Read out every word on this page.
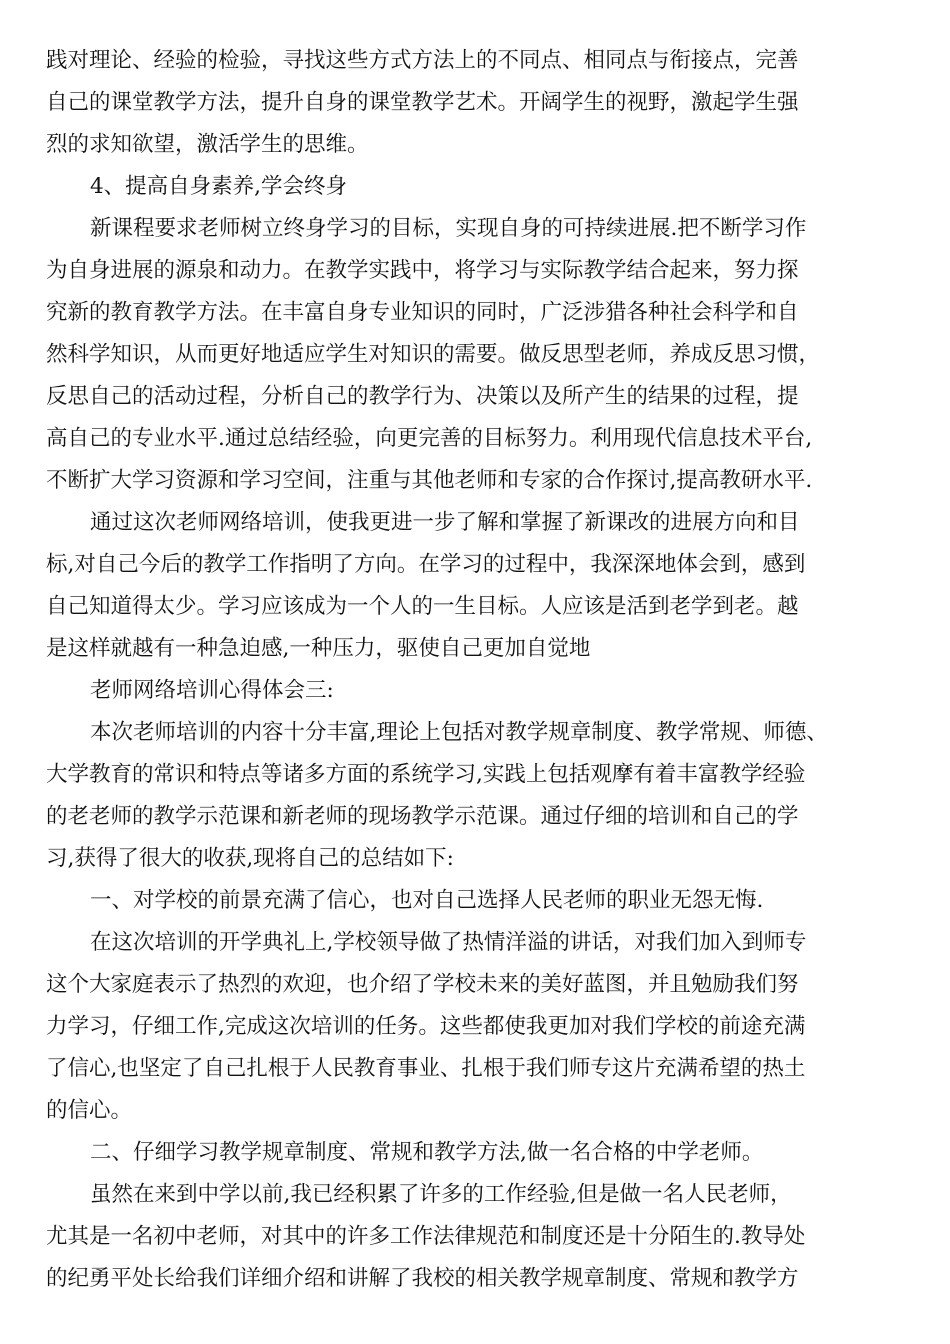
践对理论、经验的检验，寻找这些方式方法上的不同点、相同点与衔接点，完善
自己的课堂教学方法，提升自身的课堂教学艺术。开阔学生的视野，激起学生强
烈的求知欲望，激活学生的思维。
4、提高自身素养,学会终身
新课程要求老师树立终身学习的目标，实现自身的可持续进展.把不断学习作
为自身进展的源泉和动力。在教学实践中，将学习与实际教学结合起来，努力探
究新的教育教学方法。在丰富自身专业知识的同时，广泛涉猎各种社会科学和自
然科学知识，从而更好地适应学生对知识的需要。做反思型老师，养成反思习惯，
反思自己的活动过程，分析自己的教学行为、决策以及所产生的结果的过程，提
高自己的专业水平.通过总结经验，向更完善的目标努力。利用现代信息技术平台,
不断扩大学习资源和学习空间，注重与其他老师和专家的合作探讨,提高教研水平.
通过这次老师网络培训，使我更进一步了解和掌握了新课改的进展方向和目
标,对自己今后的教学工作指明了方向。在学习的过程中，我深深地体会到，感到
自己知道得太少。学习应该成为一个人的一生目标。人应该是活到老学到老。越
是这样就越有一种急迫感,一种压力，驱使自己更加自觉地
老师网络培训心得体会三:
本次老师培训的内容十分丰富,理论上包括对教学规章制度、教学常规、师德、
大学教育的常识和特点等诸多方面的系统学习,实践上包括观摩有着丰富教学经验
的老老师的教学示范课和新老师的现场教学示范课。通过仔细的培训和自己的学
习,获得了很大的收获,现将自己的总结如下:
一、对学校的前景充满了信心，也对自己选择人民老师的职业无怨无悔.
在这次培训的开学典礼上,学校领导做了热情洋溢的讲话，对我们加入到师专
这个大家庭表示了热烈的欢迎，也介绍了学校未来的美好蓝图，并且勉励我们努
力学习，仔细工作,完成这次培训的任务。这些都使我更加对我们学校的前途充满
了信心,也坚定了自己扎根于人民教育事业、扎根于我们师专这片充满希望的热土
的信心。
二、仔细学习教学规章制度、常规和教学方法,做一名合格的中学老师。
虽然在来到中学以前,我已经积累了许多的工作经验,但是做一名人民老师，
尤其是一名初中老师，对其中的许多工作法律规范和制度还是十分陌生的.教导处
的纪勇平处长给我们详细介绍和讲解了我校的相关教学规章制度、常规和教学方
